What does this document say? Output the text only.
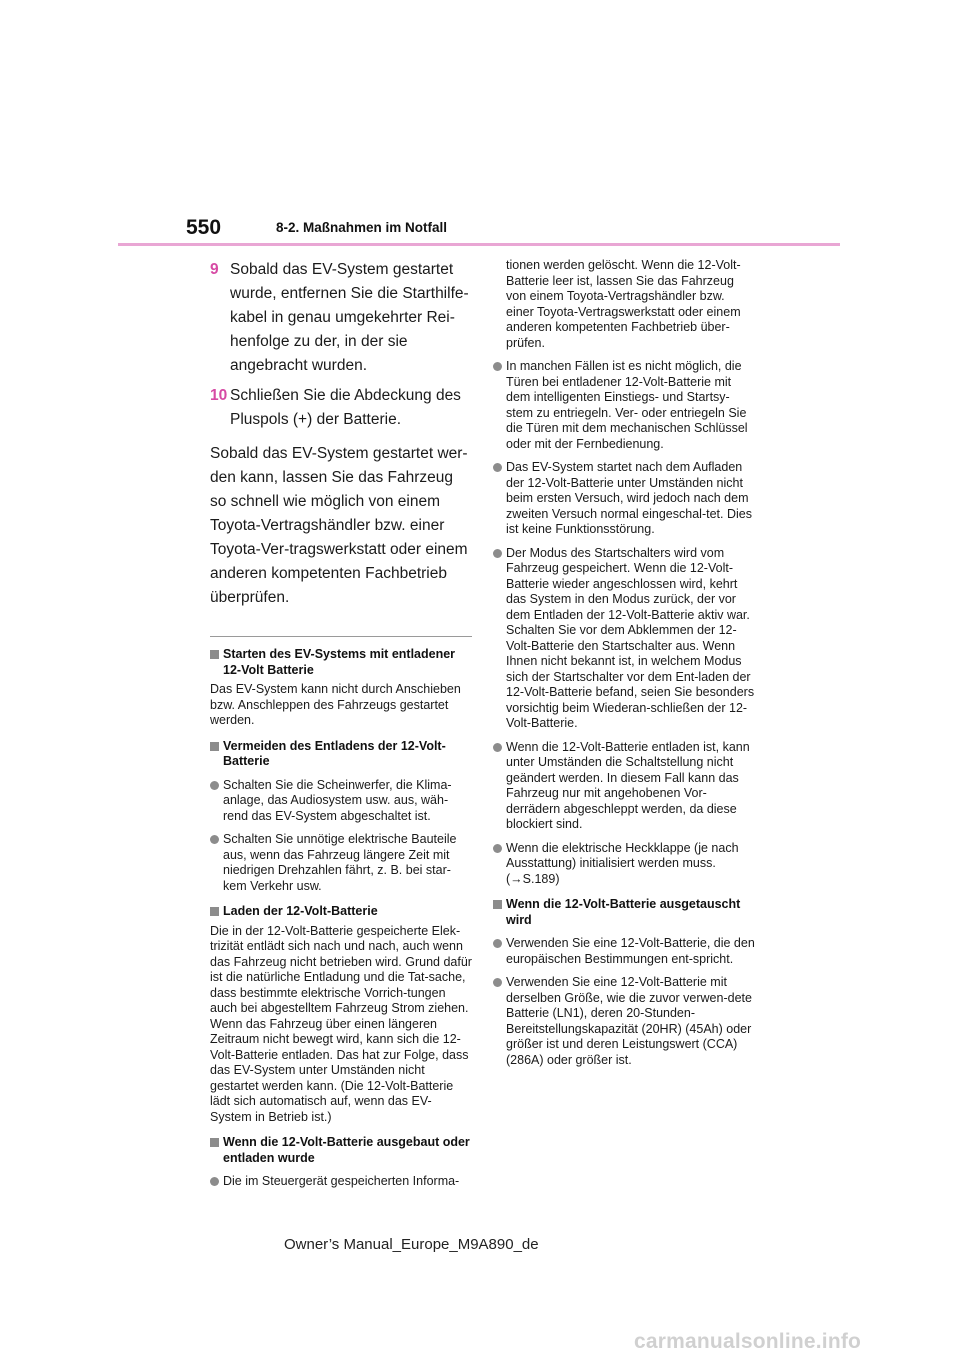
550	8-2. Maßnahmen im Notfall
9 Sobald das EV-System gestartet wurde, entfernen Sie die Starthilfe-kabel in genau umgekehrter Rei-henfolge zu der, in der sie angebracht wurden.
10 Schließen Sie die Abdeckung des Pluspols (+) der Batterie.

Sobald das EV-System gestartet wer-den kann, lassen Sie das Fahrzeug so schnell wie möglich von einem Toyota-Vertragshändler bzw. einer Toyota-Ver-tragswerkstatt oder einem anderen kompetenten Fachbetrieb überprüfen.

Starten des EV-Systems mit entladener 12-Volt Batterie

Das EV-System kann nicht durch Anschieben bzw. Anschleppen des Fahrzeugs gestartet werden.

Vermeiden des Entladens der 12-Volt-Batterie
Schalten Sie die Scheinwerfer, die Klima-anlage, das Audiosystem usw. aus, wäh-rend das EV-System abgeschaltet ist.
Schalten Sie unnötige elektrische Bauteile aus, wenn das Fahrzeug längere Zeit mit niedrigen Drehzahlen fährt, z. B. bei star-kem Verkehr usw.
Laden der 12-Volt-Batterie

Die in der 12-Volt-Batterie gespeicherte Elek-trizität entlädt sich nach und nach, auch wenn das Fahrzeug nicht betrieben wird. Grund dafür ist die natürliche Entladung und die Tat-sache, dass bestimmte elektrische Vorrich-tungen auch bei abgestelltem Fahrzeug Strom ziehen. Wenn das Fahrzeug über einen längeren Zeitraum nicht bewegt wird, kann sich die 12-Volt-Batterie entladen. Das hat zur Folge, dass das EV-System unter Umständen nicht gestartet werden kann. (Die 12-Volt-Batterie lädt sich automatisch auf, wenn das EV-System in Betrieb ist.)

Wenn die 12-Volt-Batterie ausgebaut oder entladen wurde
Die im Steuergerät gespeicherten Informa-

tionen werden gelöscht. Wenn die 12-Volt-Batterie leer ist, lassen Sie das Fahrzeug von einem Toyota-Vertragshändler bzw. einer Toyota-Vertragswerkstatt oder einem anderen kompetenten Fachbetrieb über-prüfen.

In manchen Fällen ist es nicht möglich, die Türen bei entladener 12-Volt-Batterie mit dem intelligenten Einstiegs- und Startsy-stem zu entriegeln. Ver- oder entriegeln Sie die Türen mit dem mechanischen Schlüssel oder mit der Fernbedienung.
Das EV-System startet nach dem Aufladen der 12-Volt-Batterie unter Umständen nicht beim ersten Versuch, wird jedoch nach dem zweiten Versuch normal eingeschal-tet. Dies ist keine Funktionsstörung.
Der Modus des Startschalters wird vom Fahrzeug gespeichert. Wenn die 12-Volt-Batterie wieder angeschlossen wird, kehrt das System in den Modus zurück, der vor dem Entladen der 12-Volt-Batterie aktiv war. Schalten Sie vor dem Abklemmen der 12-Volt-Batterie den Startschalter aus. Wenn Ihnen nicht bekannt ist, in welchem Modus sich der Startschalter vor dem Ent-laden der 12-Volt-Batterie befand, seien Sie besonders vorsichtig beim Wiederan-schließen der 12-Volt-Batterie.
Wenn die 12-Volt-Batterie entladen ist, kann unter Umständen die Schaltstellung nicht geändert werden. In diesem Fall kann das Fahrzeug nur mit angehobenen Vor-derrädern abgeschleppt werden, da diese blockiert sind.
Wenn die elektrische Heckklappe (je nach Ausstattung) initialisiert werden muss. (→S.189)
Wenn die 12-Volt-Batterie ausgetauscht wird
Verwenden Sie eine 12-Volt-Batterie, die den europäischen Bestimmungen ent-spricht.
Verwenden Sie eine 12-Volt-Batterie mit derselben Größe, wie die zuvor verwen-dete Batterie (LN1), deren 20-Stunden-Bereitstellungskapazität (20HR) (45Ah) oder größer ist und deren Leistungswert (CCA) (286A) oder größer ist.
Owner’s Manual_Europe_M9A890_de
carmanualsonline.info
